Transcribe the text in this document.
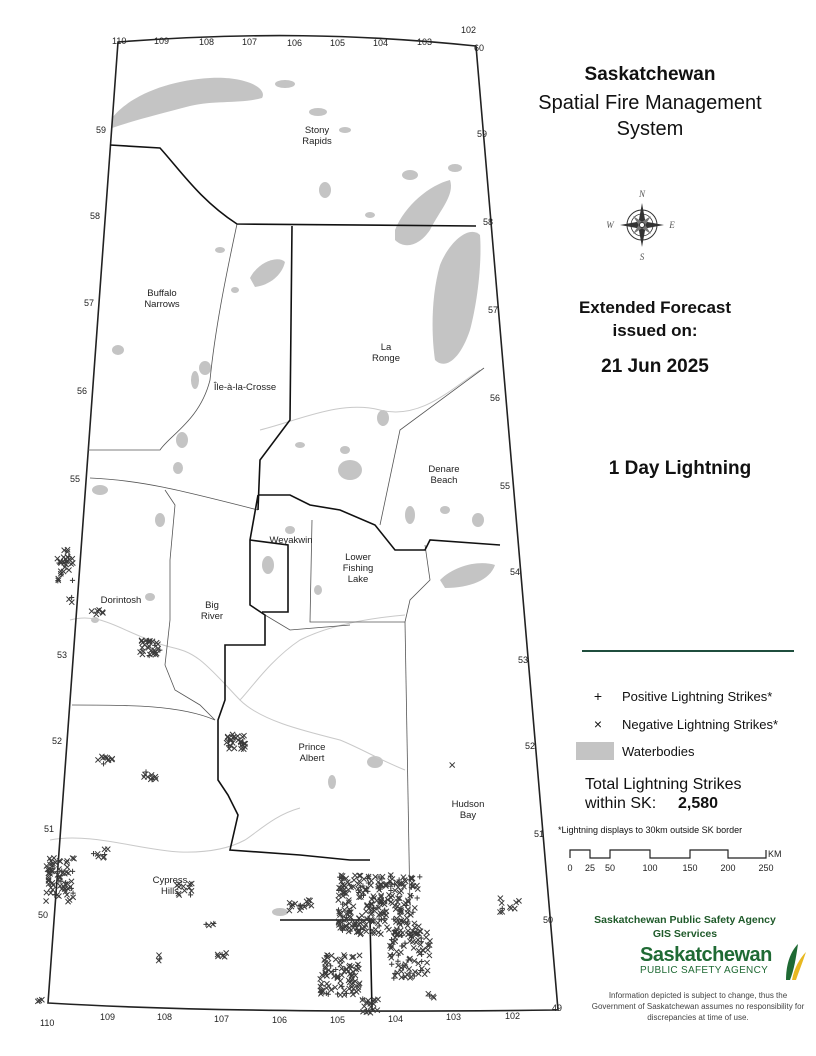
110	109	108	107	106	105	104	103
102
110
109	108	107	106	105	104	103	102
59
58
57
56
55
53
52
51
50
60
59
58
57
56
55
54
53
52
51
50
49
Stony Rapids
Buffalo Narrows
La Ronge
Île-à-la-Crosse
Denare Beach
Weyakwin
Lower Fishing Lake
Dorintosh	Big River
Prince Albert
Hudson Bay
Cypress Hills
N
E
S
W
KM
0 25 50	100	150	200	250
Saskatchewan
Spatial Fire Management
System
Extended Forecast
issued on:
21 Jun 2025
1 Day Lightning
+	Positive Lightning Strikes*
×	Negative Lightning Strikes*
Waterbodies
Total Lightning Strikes
within SK:	2,580
*Lightning displays to 30km outside SK border
Saskatchewan Public Safety Agency
GIS Services
Saskatchewan
PUBLIC SAFETY AGENCY
Information depicted is subject to change, thus the Government of Saskatchewan assumes no responsibility for discrepancies at time of use.
